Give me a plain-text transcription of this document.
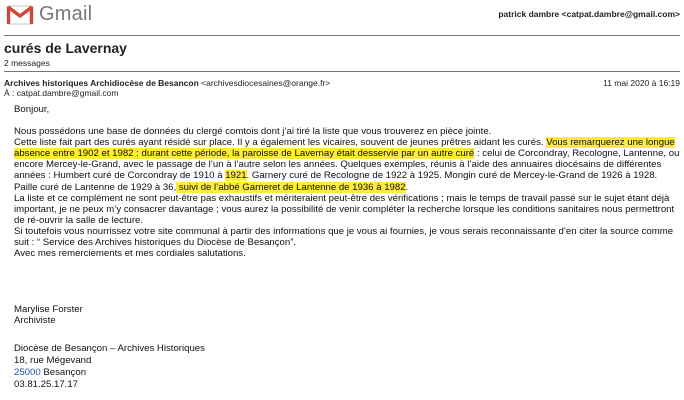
Gmail	patrick dambre <catpat.dambre@gmail.com>
curés de Lavernay
2 messages
Archives historiques Archidiocèse de Besancon <archivesdiocesaines@orange.fr>	11 mai 2020 à 16:19
À : catpat.dambre@gmail.com

Bonjour,

Nous possédons une base de données du clergé comtois dont j’ai tiré la liste que vous trouverez en pièce jointe.

Cette liste fait part des curés ayant résidé sur place. Il y a également les vicaires, souvent de jeunes prêtres aidant les curés. Vous remarquerez une longue absence entre 1902 et 1982 : durant cette période, la paroisse de Lavernay était desservie par un autre curé : celui de Corcondray, Recologne, Lantenne, ou encore Mercey-le-Grand, avec le passage de l’un à l’autre selon les années. Quelques exemples, réunis à l’aide des annuaires diocésains de différentes années : Humbert curé de Corcondray de 1910 à 1921. Garnery curé de Recologne de 1922 à 1925. Mongin curé de Mercey-le-Grand de 1926 à 1928. Paille curé de Lantenne de 1929 à 36, suivi de l’abbé Garneret de Lantenne de 1936 à 1982.

La liste et ce complément ne sont peut-être pas exhaustifs et mériteraient peut-être des vérifications ; mais le temps de travail passé sur le sujet étant déjà important, je ne peux m’y consacrer davantage ; vous aurez la possibilité de venir compléter la recherche lorsque les conditions sanitaires nous permettront de ré-ouvrir la salle de lecture.

Si toutefois vous nourrissez votre site communal à partir des informations que je vous ai fournies, je vous serais reconnaissante d’en citer la source comme suit : “ Service des Archives historiques du Diocèse de Besançon”.

Avec mes remerciements et mes cordiales salutations.

Marylise Forster
Archiviste
Diocèse de Besançon – Archives Historiques
18, rue Mégevand
25000 Besançon
03.81.25.17.17
